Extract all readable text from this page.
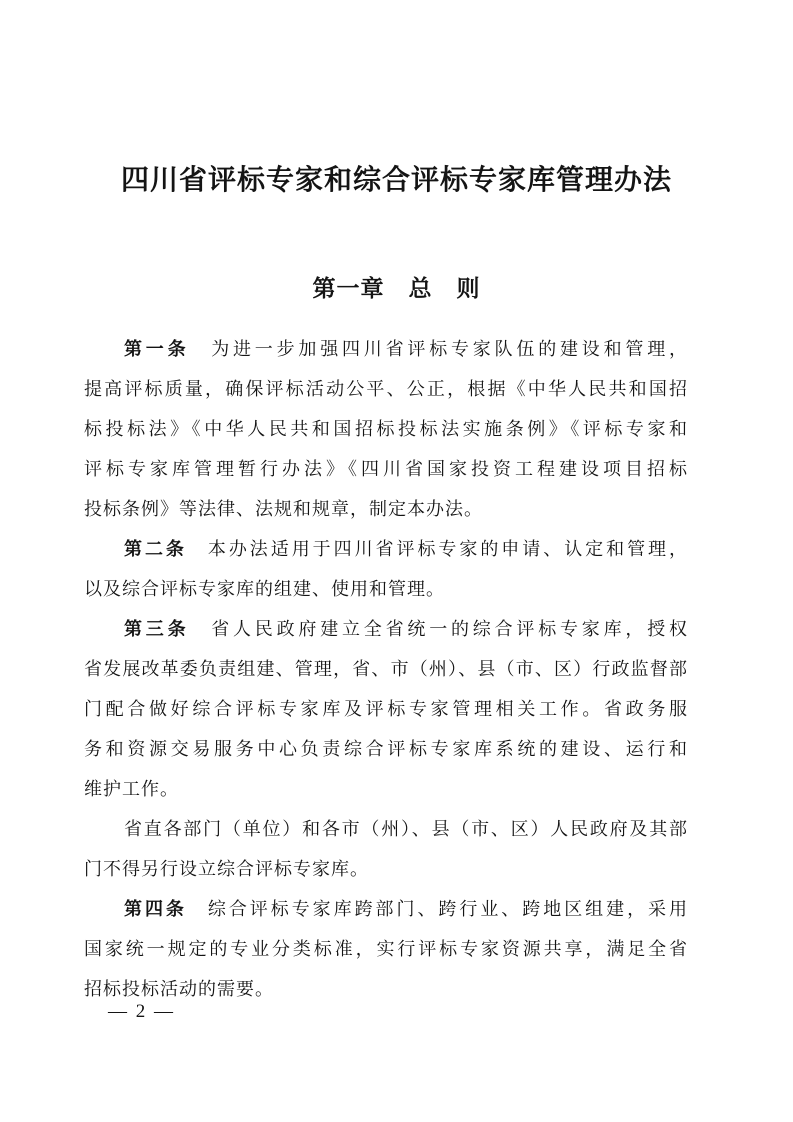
四川省评标专家和综合评标专家库管理办法
第一章　总　则
第一条　为进一步加强四川省评标专家队伍的建设和管理，
提高评标质量，确保评标活动公平、公正，根据《中华人民共和国招
标投标法》《中华人民共和国招标投标法实施条例》《评标专家和
评标专家库管理暂行办法》《四川省国家投资工程建设项目招标
投标条例》等法律、法规和规章，制定本办法。
第二条　本办法适用于四川省评标专家的申请、认定和管理，
以及综合评标专家库的组建、使用和管理。
第三条　省人民政府建立全省统一的综合评标专家库，授权
省发展改革委负责组建、管理，省、市（州）、县（市、区）行政监督部
门配合做好综合评标专家库及评标专家管理相关工作。省政务服
务和资源交易服务中心负责综合评标专家库系统的建设、运行和
维护工作。
省直各部门（单位）和各市（州）、县（市、区）人民政府及其部
门不得另行设立综合评标专家库。
第四条　综合评标专家库跨部门、跨行业、跨地区组建，采用
国家统一规定的专业分类标准，实行评标专家资源共享，满足全省
招标投标活动的需要。
— 2 —
